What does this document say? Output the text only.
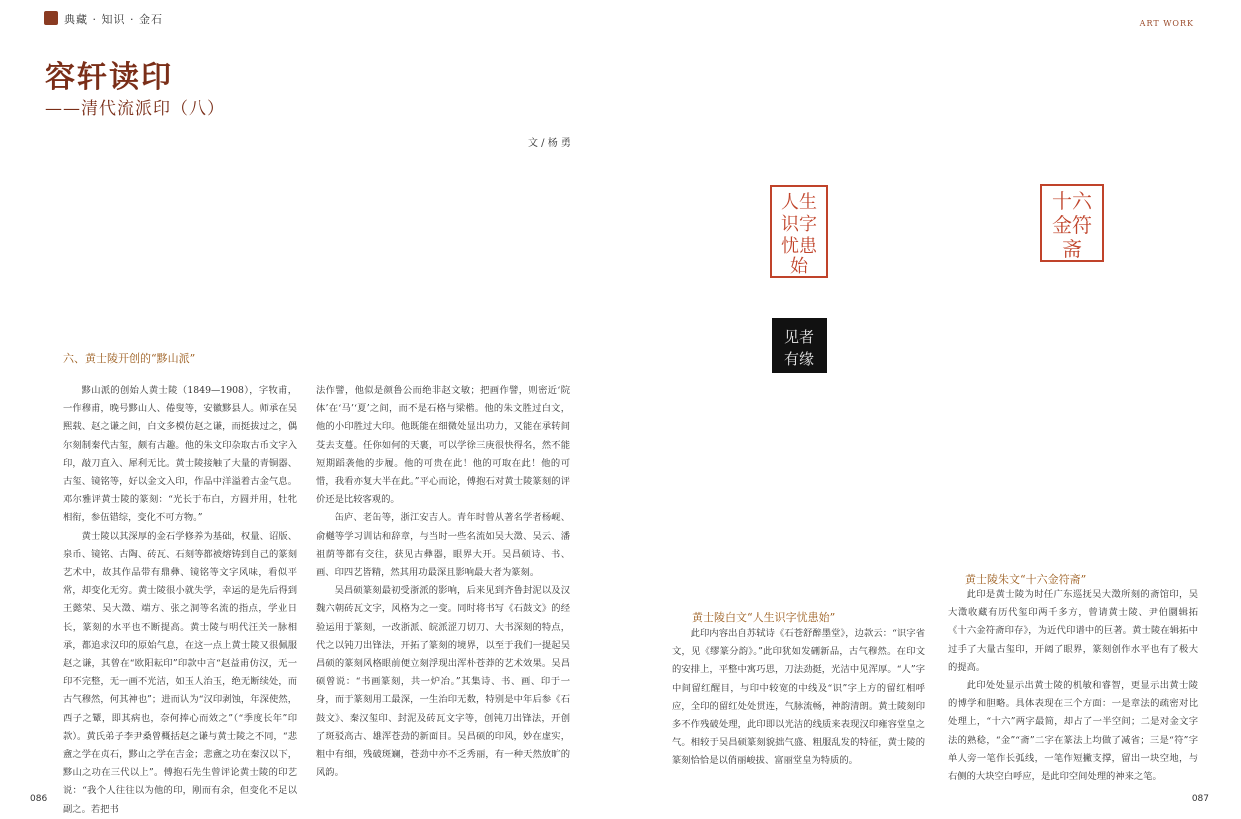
典藏 · 知识 · 金石	ART WORK
容轩读印
——清代流派印（八）
文 / 杨 勇
六、黄士陵开创的“黟山派”

黟山派的创始人黄士陵（1849—1908），字牧甫，一作穆甫，晚号黟山人、倦叟等，安徽黟县人。师承在吴熙载、赵之谦之间，白文多模仿赵之谦，而挺拔过之，偶尔刻制秦代古玺，颇有古趣。他的朱文印杂取古币文字入印，敲刀直入、犀利无比。黄士陵接触了大量的青铜器、古玺、镜铭等，好以金文入印，作品中洋溢着古金气息。邓尔雅评黄士陵的篆刻：“光长于布白，方圆并用，牡牝相衔，参伍错综，变化不可方物。”

黄士陵以其深厚的金石学修养为基础，权量、诏版、泉币、镜铭、古陶、砖瓦、石刻等都被熔铸到自己的篆刻艺术中，故其作品带有鼎彝、镜铭等文字风味，看似平常，却变化无穷。黄士陵很小就失学，幸运的是先后得到王懿荣、吴大澂、端方、张之洞等名流的指点，学业日长，篆刻的水平也不断提高。黄士陵与明代汪关一脉相承，都追求汉印的原始气息，在这一点上黄士陵又很佩服赵之谦，其曾在“欧阳耘印”印款中言“赵益甫仿汉，无一印不完整，无一画不光洁，如玉人治玉，绝无断续处，而古气穆然，何其神也”；进而认为“汉印剥蚀，年深使然，西子之颦，即其病也，奈何捧心而效之”（“季度长年”印款）。黄氏弟子李尹桑曾概括赵之谦与黄士陵之不同，“悲盦之学在贞石，黟山之学在吉金；悲盦之功在秦汉以下，黟山之功在三代以上”。傅抱石先生曾评论黄士陵的印艺说：“我个人往往以为他的印，刚而有余，但变化不足以副之。若把书

法作譬，他似是颜鲁公而绝非赵文敏；把画作譬，则密近‘院体’在‘马’‘夏’之间，而不是石格与梁楷。他的朱文胜过白文，他的小印胜过大印。他既能在细微处显出功力，又能在承转间芟去支蔓。任你如何的天裹，可以学徐三庚很快得名，然不能短期蹈袭他的步履。他的可贵在此！他的可取在此！他的可惜，我看亦复大半在此。”平心而论，傅抱石对黄士陵篆刻的评价还是比较客观的。

缶庐、老缶等，浙江安吉人。青年时曾从著名学者杨岘、俞樾等学习训诂和辞章，与当时一些名流如吴大澂、吴云、潘祖荫等都有交往，获见古彝器，眼界大开。吴昌硕诗、书、画、印四艺皆精，然其用功最深且影响最大者为篆刻。

吴昌硕篆刻最初受浙派的影响，后来见到齐鲁封泥以及汉魏六朝砖瓦文字，风格为之一变。同时将书写《石鼓文》的经验运用于篆刻，一改浙派、皖派涩刀切刀、大书深刻的特点，代之以钝刀出锋法，开拓了篆刻的境界，以至于我们一提起吴昌硕的篆刻风格眼前便立刻浮现出浑朴苍莽的艺术效果。吴昌硕曾说：“书画篆刻，共一炉冶。”其集诗、书、画、印于一身，而于篆刻用工最深，一生治印无数，特别是中年后参《石鼓文》、秦汉玺印、封泥及砖瓦文字等，创钝刀出锋法，开创了斑驳高古、雄浑苍劲的新面目。吴昌硕的印风，妙在虚实，粗中有细，残破斑斓，苍劲中亦不乏秀丽，有一种天然放旷的风韵。

人生
识字
忧患
始
十六
金符
斋
见者
有缘
黄士陵白文“人生识字忧患始”

此印内容出自苏轼诗《石苍舒醉墨堂》，边款云：“识字省文，见《缪篆分韵》。”此印犹如发硎新品，古气穆然。在印文的安排上，平整中寓巧思，刀法劲挺，光洁中见浑厚。“人”字中间留红醒目，与印中较宽的中线及“识”字上方的留红相呼应，全印的留红处处贯连，气脉流畅，神韵清朗。黄士陵刻印多不作残破处理，此印即以光洁的线质来表现汉印雍容堂皇之气。相较于吴昌硕篆刻貌拙气盛、粗服乱发的特征，黄士陵的篆刻恰恰是以俏丽峻拔、富丽堂皇为特质的。

黄士陵朱文“十六金符斋”

此印是黄士陵为时任广东巡抚吴大澂所刻的斋馆印，吴大澂收藏有历代玺印两千多方，曾请黄士陵、尹伯圜辑拓《十六金符斋印存》，为近代印谱中的巨著。黄士陵在辑拓中过手了大量古玺印，开阔了眼界，篆刻创作水平也有了极大的提高。

此印处处显示出黄士陵的机敏和睿智，更显示出黄士陵的博学和胆略。具体表现在三个方面：一是章法的疏密对比处理上，“十六”两字最简，却占了一半空间；二是对金文字法的熟稔，“金”“斋”二字在篆法上均做了减省；三是“符”字单人旁一笔作长弧线，一笔作短撇支撑，留出一块空地，与右侧的大块空白呼应，是此印空间处理的神来之笔。

086	087
